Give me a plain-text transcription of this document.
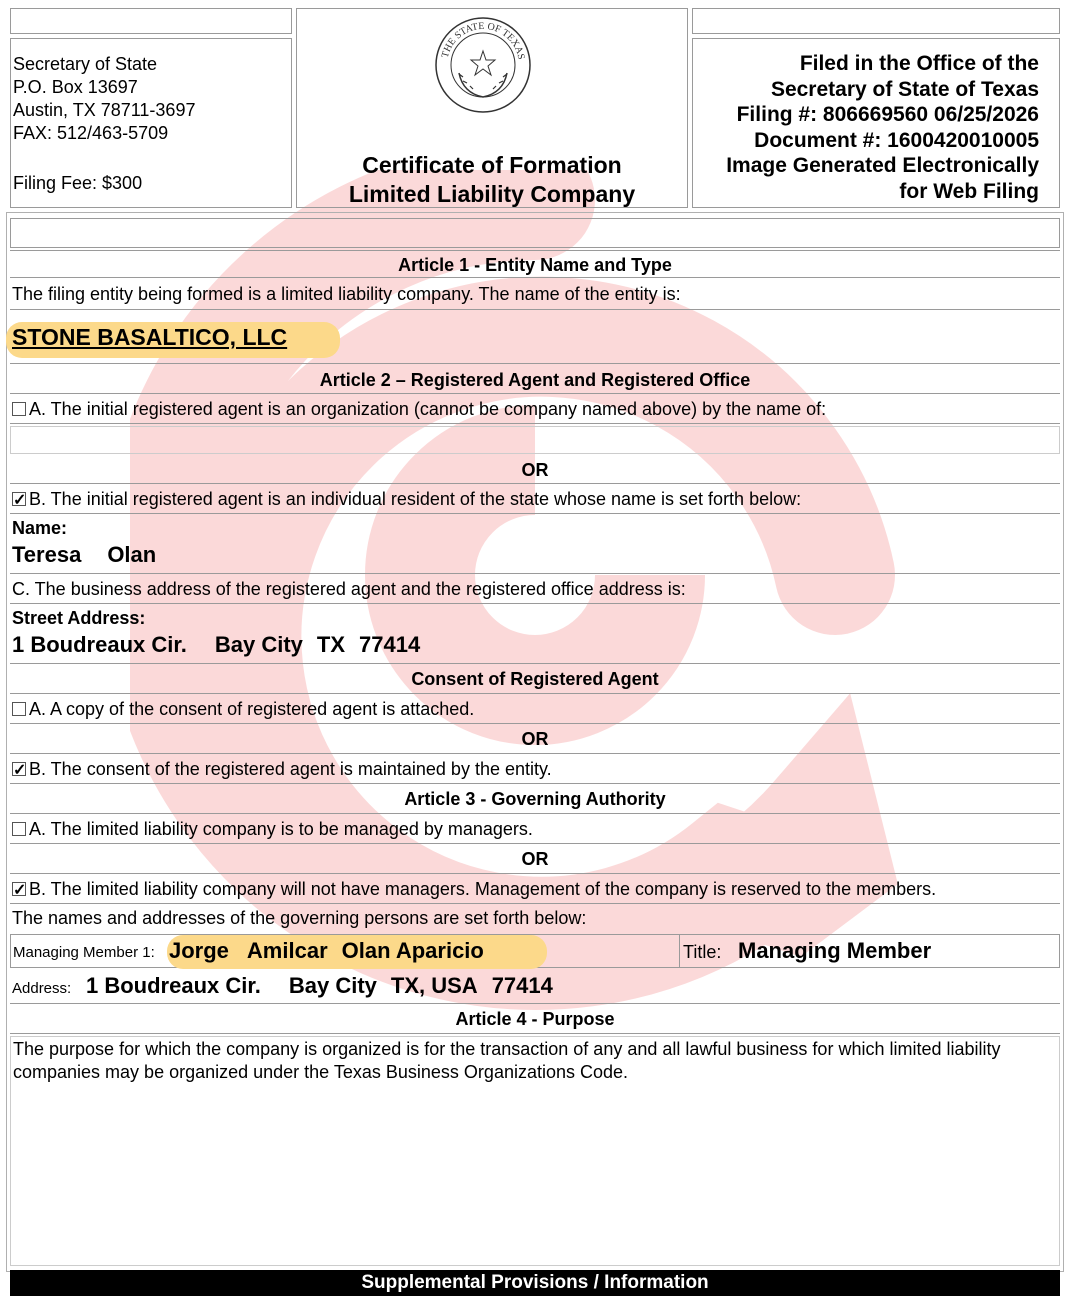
Secretary of State
P.O. Box 13697
Austin, TX 78711-3697
FAX: 512/463-5709
Filing Fee: $300
THE STATE OF TEXAS
Certificate of Formation
Limited Liability Company
Filed in the Office of the
Secretary of State of Texas
Filing #: 806669560 06/25/2026
Document #: 1600420010005
Image Generated Electronically
for Web Filing
Article 1 - Entity Name and Type
The filing entity being formed is a limited liability company. The name of the entity is:
STONE BASALTICO, LLC
Article 2 – Registered Agent and Registered Office
A. The initial registered agent is an organization (cannot be company named above) by the name of:
OR
✓B. The initial registered agent is an individual resident of the state whose name is set forth below:
Name:
Teresa Olan
C. The business address of the registered agent and the registered office address is:
Street Address:
1 Boudreaux Cir. Bay City TX 77414
Consent of Registered Agent
A. A copy of the consent of registered agent is attached.
OR
✓B. The consent of the registered agent is maintained by the entity.
Article 3 - Governing Authority
A. The limited liability company is to be managed by managers.
OR
✓B. The limited liability company will not have managers. Management of the company is reserved to the members.
The names and addresses of the governing persons are set forth below:
Managing Member 1: Jorge Amilcar Olan Aparicio	Title: Managing Member
Address: 1 Boudreaux Cir. Bay City TX, USA 77414
Article 4 - Purpose
The purpose for which the company is organized is for the transaction of any and all lawful business for which limited liability companies may be organized under the Texas Business Organizations Code.
Supplemental Provisions / Information
